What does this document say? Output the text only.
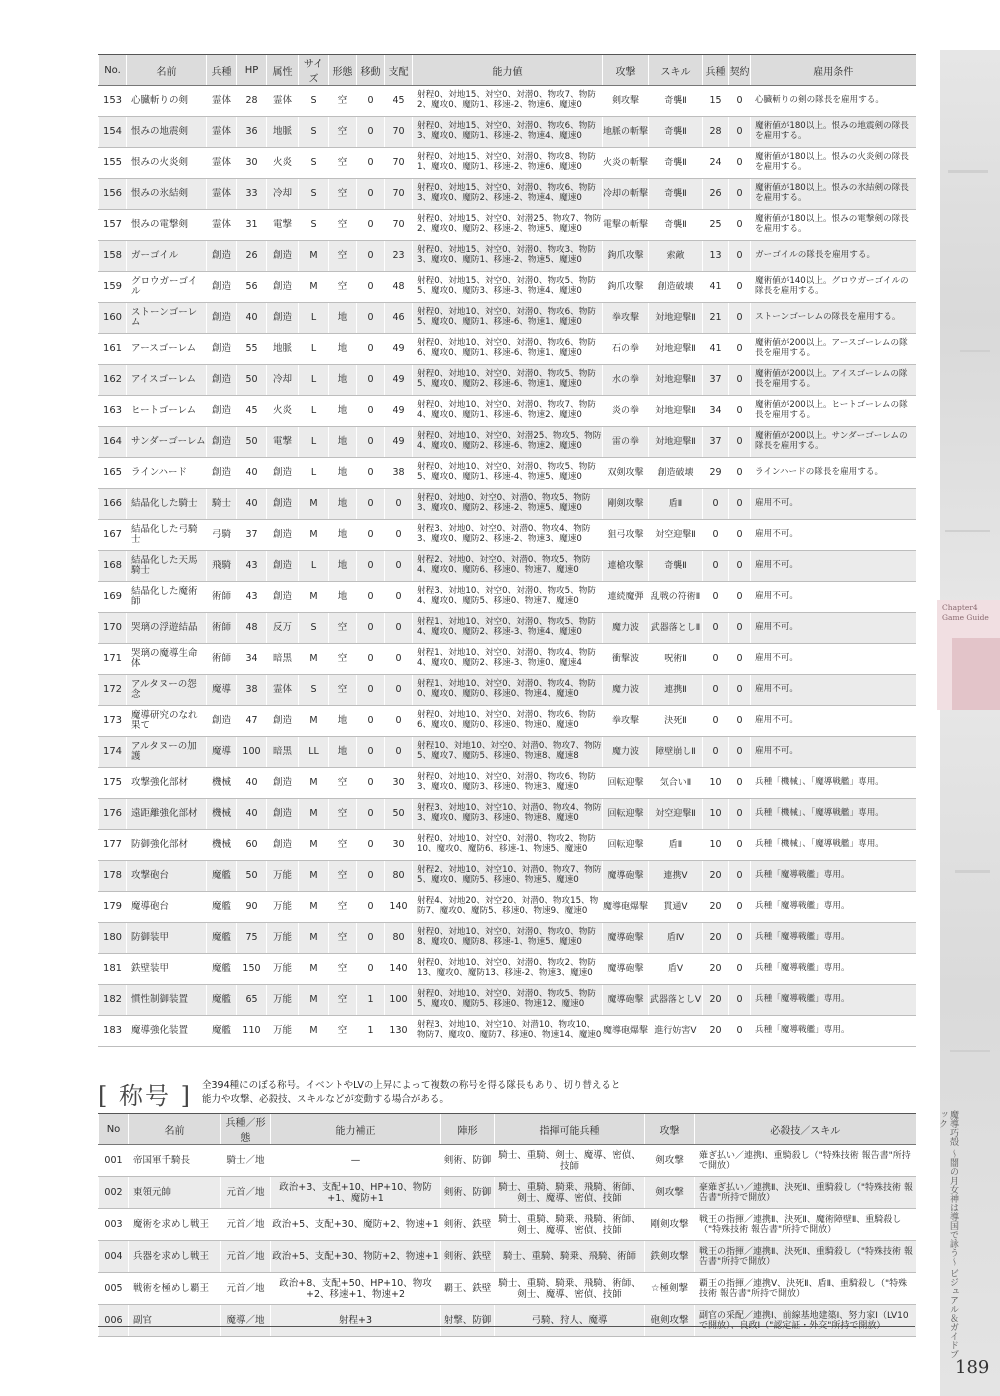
Chapter4 Game Guide
魔導巧殻 〜闇の月女神は導国で詠う〜 ビジュアル＆ガイドブック
189
No.	名前	兵種	HP	属性	サイズ	形態	移動	支配	能力値	攻撃	スキル	兵種	契約	雇用条件
153	心臓斬りの剣	霊体	28	霊体	S	空	0	45	射程0、対地15、対空0、対潜0、物攻7、物防2、魔攻0、魔防1、移速-2、物速6、魔速0	剣攻撃	奇襲Ⅱ	15	0	心臓斬りの剣の隊長を雇用する。
154	恨みの地震剣	霊体	36	地脈	S	空	0	70	射程0、対地15、対空0、対潜0、物攻6、物防3、魔攻0、魔防1、移速-2、物速4、魔速0	地脈の斬撃	奇襲Ⅱ	28	0	魔術値が180以上。恨みの地震剣の隊長を雇用する。
155	恨みの火炎剣	霊体	30	火炎	S	空	0	70	射程0、対地15、対空0、対潜0、物攻8、物防1、魔攻0、魔防1、移速-2、物速6、魔速0	火炎の斬撃	奇襲Ⅱ	24	0	魔術値が180以上。恨みの火炎剣の隊長を雇用する。
156	恨みの氷結剣	霊体	33	冷却	S	空	0	70	射程0、対地15、対空0、対潜0、物攻6、物防3、魔攻0、魔防2、移速-2、物速4、魔速0	冷却の斬撃	奇襲Ⅱ	26	0	魔術値が180以上。恨みの氷結剣の隊長を雇用する。
157	恨みの電撃剣	霊体	31	電撃	S	空	0	70	射程0、対地15、対空0、対潜25、物攻7、物防2、魔攻0、魔防2、移速-2、物速5、魔速0	電撃の斬撃	奇襲Ⅱ	25	0	魔術値が180以上。恨みの電撃剣の隊長を雇用する。
158	ガーゴイル	創造	26	創造	M	空	0	23	射程0、対地15、対空0、対潜0、物攻3、物防3、魔攻0、魔防1、移速-2、物速5、魔速0	鉤爪攻撃	索敵	13	0	ガーゴイルの隊長を雇用する。
159	グロウガーゴイル	創造	56	創造	M	空	0	48	射程0、対地15、対空0、対潜0、物攻5、物防5、魔攻0、魔防3、移速-3、物速4、魔速0	鉤爪攻撃	創造破壊	41	0	魔術値が140以上。グロウガーゴイルの隊長を雇用する。
160	ストーンゴーレム	創造	40	創造	L	地	0	46	射程0、対地10、対空0、対潜0、物攻6、物防5、魔攻0、魔防1、移速-6、物速1、魔速0	拳攻撃	対地迎撃Ⅱ	21	0	ストーンゴーレムの隊長を雇用する。
161	アースゴーレム	創造	55	地脈	L	地	0	49	射程0、対地10、対空0、対潜0、物攻6、物防6、魔攻0、魔防1、移速-6、物速1、魔速0	石の拳	対地迎撃Ⅱ	41	0	魔術値が200以上。アースゴーレムの隊長を雇用する。
162	アイスゴーレム	創造	50	冷却	L	地	0	49	射程0、対地10、対空0、対潜0、物攻5、物防5、魔攻0、魔防2、移速-6、物速1、魔速0	水の拳	対地迎撃Ⅱ	37	0	魔術値が200以上。アイスゴーレムの隊長を雇用する。
163	ヒートゴーレム	創造	45	火炎	L	地	0	49	射程0、対地10、対空0、対潜0、物攻7、物防4、魔攻0、魔防1、移速-6、物速2、魔速0	炎の拳	対地迎撃Ⅱ	34	0	魔術値が200以上。ヒートゴーレムの隊長を雇用する。
164	サンダーゴーレム	創造	50	電撃	L	地	0	49	射程0、対地10、対空0、対潜25、物攻5、物防4、魔攻0、魔防2、移速-6、物速2、魔速0	雷の拳	対地迎撃Ⅱ	37	0	魔術値が200以上。サンダーゴーレムの隊長を雇用する。
165	ラインハード	創造	40	創造	L	地	0	38	射程0、対地10、対空0、対潜0、物攻5、物防5、魔攻0、魔防1、移速-4、物速5、魔速0	双剣攻撃	創造破壊	29	0	ラインハードの隊長を雇用する。
166	結晶化した騎士	騎士	40	創造	M	地	0	0	射程0、対地0、対空0、対潜0、物攻5、物防3、魔攻0、魔防2、移速-2、物速5、魔速0	剛剣攻撃	盾Ⅱ	0	0	雇用不可。
167	結晶化した弓騎士	弓騎	37	創造	M	地	0	0	射程3、対地0、対空0、対潜0、物攻4、物防3、魔攻0、魔防2、移速-2、物速3、魔速0	狙弓攻撃	対空迎撃Ⅱ	0	0	雇用不可。
168	結晶化した天馬騎士	飛騎	43	創造	L	地	0	0	射程2、対地0、対空0、対潜0、物攻5、物防4、魔攻0、魔防6、移速0、物速7、魔速0	連槍攻撃	奇襲Ⅱ	0	0	雇用不可。
169	結晶化した魔術師	術師	43	創造	M	地	0	0	射程3、対地10、対空0、対潜0、物攻5、物防4、魔攻0、魔防5、移速0、物速7、魔速0	連続魔弾	乱戦の符術Ⅱ	0	0	雇用不可。
170	哭璃の浮遊結晶	術師	48	反万	S	空	0	0	射程1、対地10、対空0、対潜0、物攻5、物防4、魔攻0、魔防2、移速-3、物速4、魔速0	魔力波	武器落としⅡ	0	0	雇用不可。
171	哭璃の魔導生命体	術師	34	暗黒	M	空	0	0	射程1、対地10、対空0、対潜0、物攻4、物防4、魔攻0、魔防2、移速-3、物速0、魔速4	衝撃波	呪術Ⅱ	0	0	雇用不可。
172	アルタヌーの怨念	魔導	38	霊体	S	空	0	0	射程1、対地10、対空0、対潜0、物攻4、物防0、魔攻0、魔防0、移速0、物速4、魔速0	魔力波	連携Ⅱ	0	0	雇用不可。
173	魔導研究のなれ果て	創造	47	創造	M	地	0	0	射程0、対地10、対空0、対潜0、物攻6、物防6、魔攻0、魔防0、移速0、物速0、魔速0	拳攻撃	決死Ⅱ	0	0	雇用不可。
174	アルタヌーの加護	魔導	100	暗黒	LL	地	0	0	射程10、対地10、対空0、対潜0、物攻7、物防5、魔攻7、魔防5、移速0、物速8、魔速8	魔力波	障壁崩しⅡ	0	0	雇用不可。
175	攻撃強化部材	機械	40	創造	M	空	0	30	射程0、対地10、対空0、対潜0、物攻6、物防3、魔攻0、魔防3、移速0、物速3、魔速0	回転迎撃	気合いⅡ	10	0	兵種「機械」、「魔導戦艦」専用。
176	遠距離強化部材	機械	40	創造	M	空	0	50	射程3、対地10、対空10、対潜0、物攻4、物防3、魔攻0、魔防3、移速0、物速8、魔速0	回転迎撃	対空迎撃Ⅱ	10	0	兵種「機械」、「魔導戦艦」専用。
177	防御強化部材	機械	60	創造	M	空	0	30	射程0、対地10、対空0、対潜0、物攻2、物防10、魔攻0、魔防6、移速-1、物速5、魔速0	回転迎撃	盾Ⅱ	10	0	兵種「機械」、「魔導戦艦」専用。
178	攻撃砲台	魔艦	50	万能	M	空	0	80	射程2、対地10、対空10、対潜0、物攻7、物防5、魔攻0、魔防5、移速0、物速5、魔速0	魔導砲撃	連携Ⅴ	20	0	兵種「魔導戦艦」専用。
179	魔導砲台	魔艦	90	万能	M	空	0	140	射程4、対地20、対空20、対潜0、物攻15、物防7、魔攻0、魔防5、移速0、物速9、魔速0	魔導砲爆撃	貫通Ⅴ	20	0	兵種「魔導戦艦」専用。
180	防御装甲	魔艦	75	万能	M	空	0	80	射程0、対地10、対空0、対潜0、物攻0、物防8、魔攻0、魔防8、移速-1、物速5、魔速0	魔導砲撃	盾Ⅳ	20	0	兵種「魔導戦艦」専用。
181	鉄壁装甲	魔艦	150	万能	M	空	0	140	射程0、対地10、対空0、対潜0、物攻2、物防13、魔攻0、魔防13、移速-2、物速3、魔速0	魔導砲撃	盾Ⅴ	20	0	兵種「魔導戦艦」専用。
182	慣性制御装置	魔艦	65	万能	M	空	1	100	射程0、対地10、対空0、対潜0、物攻5、物防5、魔攻0、魔防5、移速0、物速12、魔速0	魔導砲撃	武器落としⅤ	20	0	兵種「魔導戦艦」専用。
183	魔導強化装置	魔艦	110	万能	M	空	1	130	射程3、対地10、対空10、対潜10、物攻10、物防7、魔攻0、魔防7、移速0、物速14、魔速0	魔導砲爆撃	進行妨害Ⅴ	20	0	兵種「魔導戦艦」専用。
[ 称号 ] 全394種にのぼる称号。イベントやLVの上昇によって複数の称号を得る隊長もあり、切り替えると能力や攻撃、必殺技、スキルなどが変動する場合がある。
No	名前	兵種／形態	能力補正	陣形	指揮可能兵種	攻撃	必殺技／スキル
001	帝国軍千騎長	騎士／地	—	剣術、防御	騎士、重騎、剣士、魔導、密偵、技師	剣攻撃	薙ぎ払い／連携Ⅰ、重騎殺し（"特殊技術 報告書"所持で開放）
002	東領元帥	元首／地	政治+3、支配+10、HP+10、物防+1、魔防+1	剣術、防御	騎士、重騎、騎乗、飛騎、術師、剣士、魔導、密偵、技師	剣攻撃	豪薙ぎ払い／連携Ⅱ、決死Ⅱ、重騎殺し（"特殊技術 報告書"所持で開放）
003	魔術を求めし戦王	元首／地	政治+5、支配+30、魔防+2、物速+1	剣術、鉄壁	騎士、重騎、騎乗、飛騎、術師、剣士、魔導、密偵、技師	剛剣攻撃	戦王の指揮／連携Ⅱ、決死Ⅱ、魔術障壁Ⅱ、重騎殺し（"特殊技術 報告書"所持で開放）
004	兵器を求めし戦王	元首／地	政治+5、支配+30、物防+2、物速+1	剣術、鉄壁	騎士、重騎、騎乗、飛騎、術師	鉄剣攻撃	戦王の指揮／連携Ⅱ、決死Ⅱ、重騎殺し（"特殊技術 報告書"所持で開放）
005	戦術を極めし覇王	元首／地	政治+8、支配+50、HP+10、物攻+2、移速+1、物速+2	覇王、鉄壁	騎士、重騎、騎乗、飛騎、術師、剣士、魔導、密偵、技師	☆極剣撃	覇王の指揮／連携Ⅴ、決死Ⅱ、盾Ⅱ、重騎殺し（"特殊技術 報告書"所持で開放）
006	副官	魔導／地	射程+3	射撃、防御	弓騎、狩人、魔導	砲剣攻撃	副官の采配／連携Ⅰ、前線基地建築Ⅰ、努力家Ⅰ（LV10
